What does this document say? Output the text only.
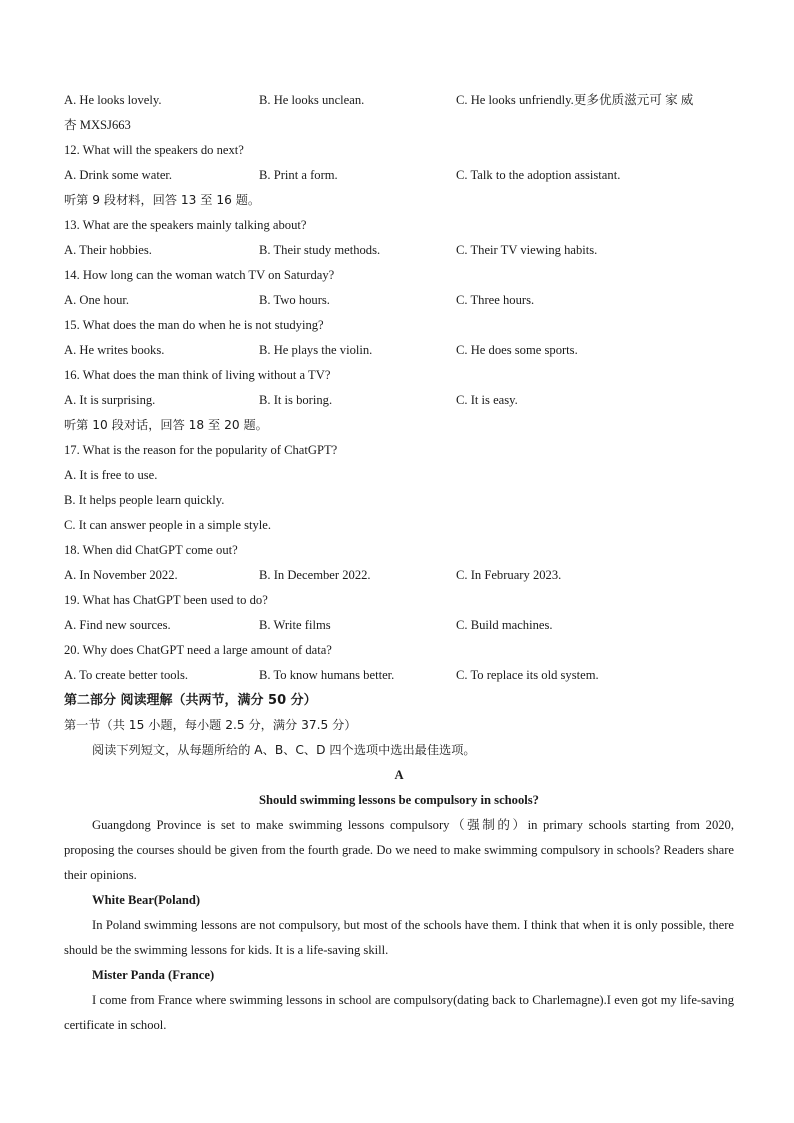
A. He looks lovely.	B. He looks unclean.	C. He looks unfriendly.更多优质滋元可 家 威
杏 MXSJ663
12. What will the speakers do next?
A. Drink some water.	B. Print a form.	C. Talk to the adoption assistant.
听第 9 段材料，回答 13 至 16 题。
13. What are the speakers mainly talking about?
A. Their hobbies.	B. Their study methods.	C. Their TV viewing habits.
14. How long can the woman watch TV on Saturday?
A. One hour.	B. Two hours.	C. Three hours.
15. What does the man do when he is not studying?
A. He writes books.	B. He plays the violin.	C. He does some sports.
16. What does the man think of living without a TV?
A. It is surprising.	B. It is boring.	C. It is easy.
听第 10 段对话，回答 18 至 20 题。
17. What is the reason for the popularity of ChatGPT?
A. It is free to use.
B. It helps people learn quickly.
C. It can answer people in a simple style.
18. When did ChatGPT come out?
A. In November 2022.	B. In December 2022.	C. In February 2023.
19. What has ChatGPT been used to do?
A. Find new sources.	B. Write films	C. Build machines.
20. Why does ChatGPT need a large amount of data?
A. To create better tools.	B. To know humans better.	C. To replace its old system.
第二部分 阅读理解（共两节，满分 50 分）
第一节（共 15 小题，每小题 2.5 分，满分 37.5 分）
阅读下列短文，从每题所给的 A、B、C、D 四个选项中选出最佳选项。
A
Should swimming lessons be compulsory in schools?
Guangdong Province is set to make swimming lessons compulsory（强制的）in primary schools starting from 2020, proposing the courses should be given from the fourth grade. Do we need to make swimming compulsory in schools? Readers share their opinions.
White Bear(Poland)
In Poland swimming lessons are not compulsory, but most of the schools have them. I think that when it is only possible, there should be the swimming lessons for kids. It is a life-saving skill.
Mister Panda (France)
I come from France where swimming lessons in school are compulsory(dating back to Charlemagne).I even got my life-saving certificate in school.
